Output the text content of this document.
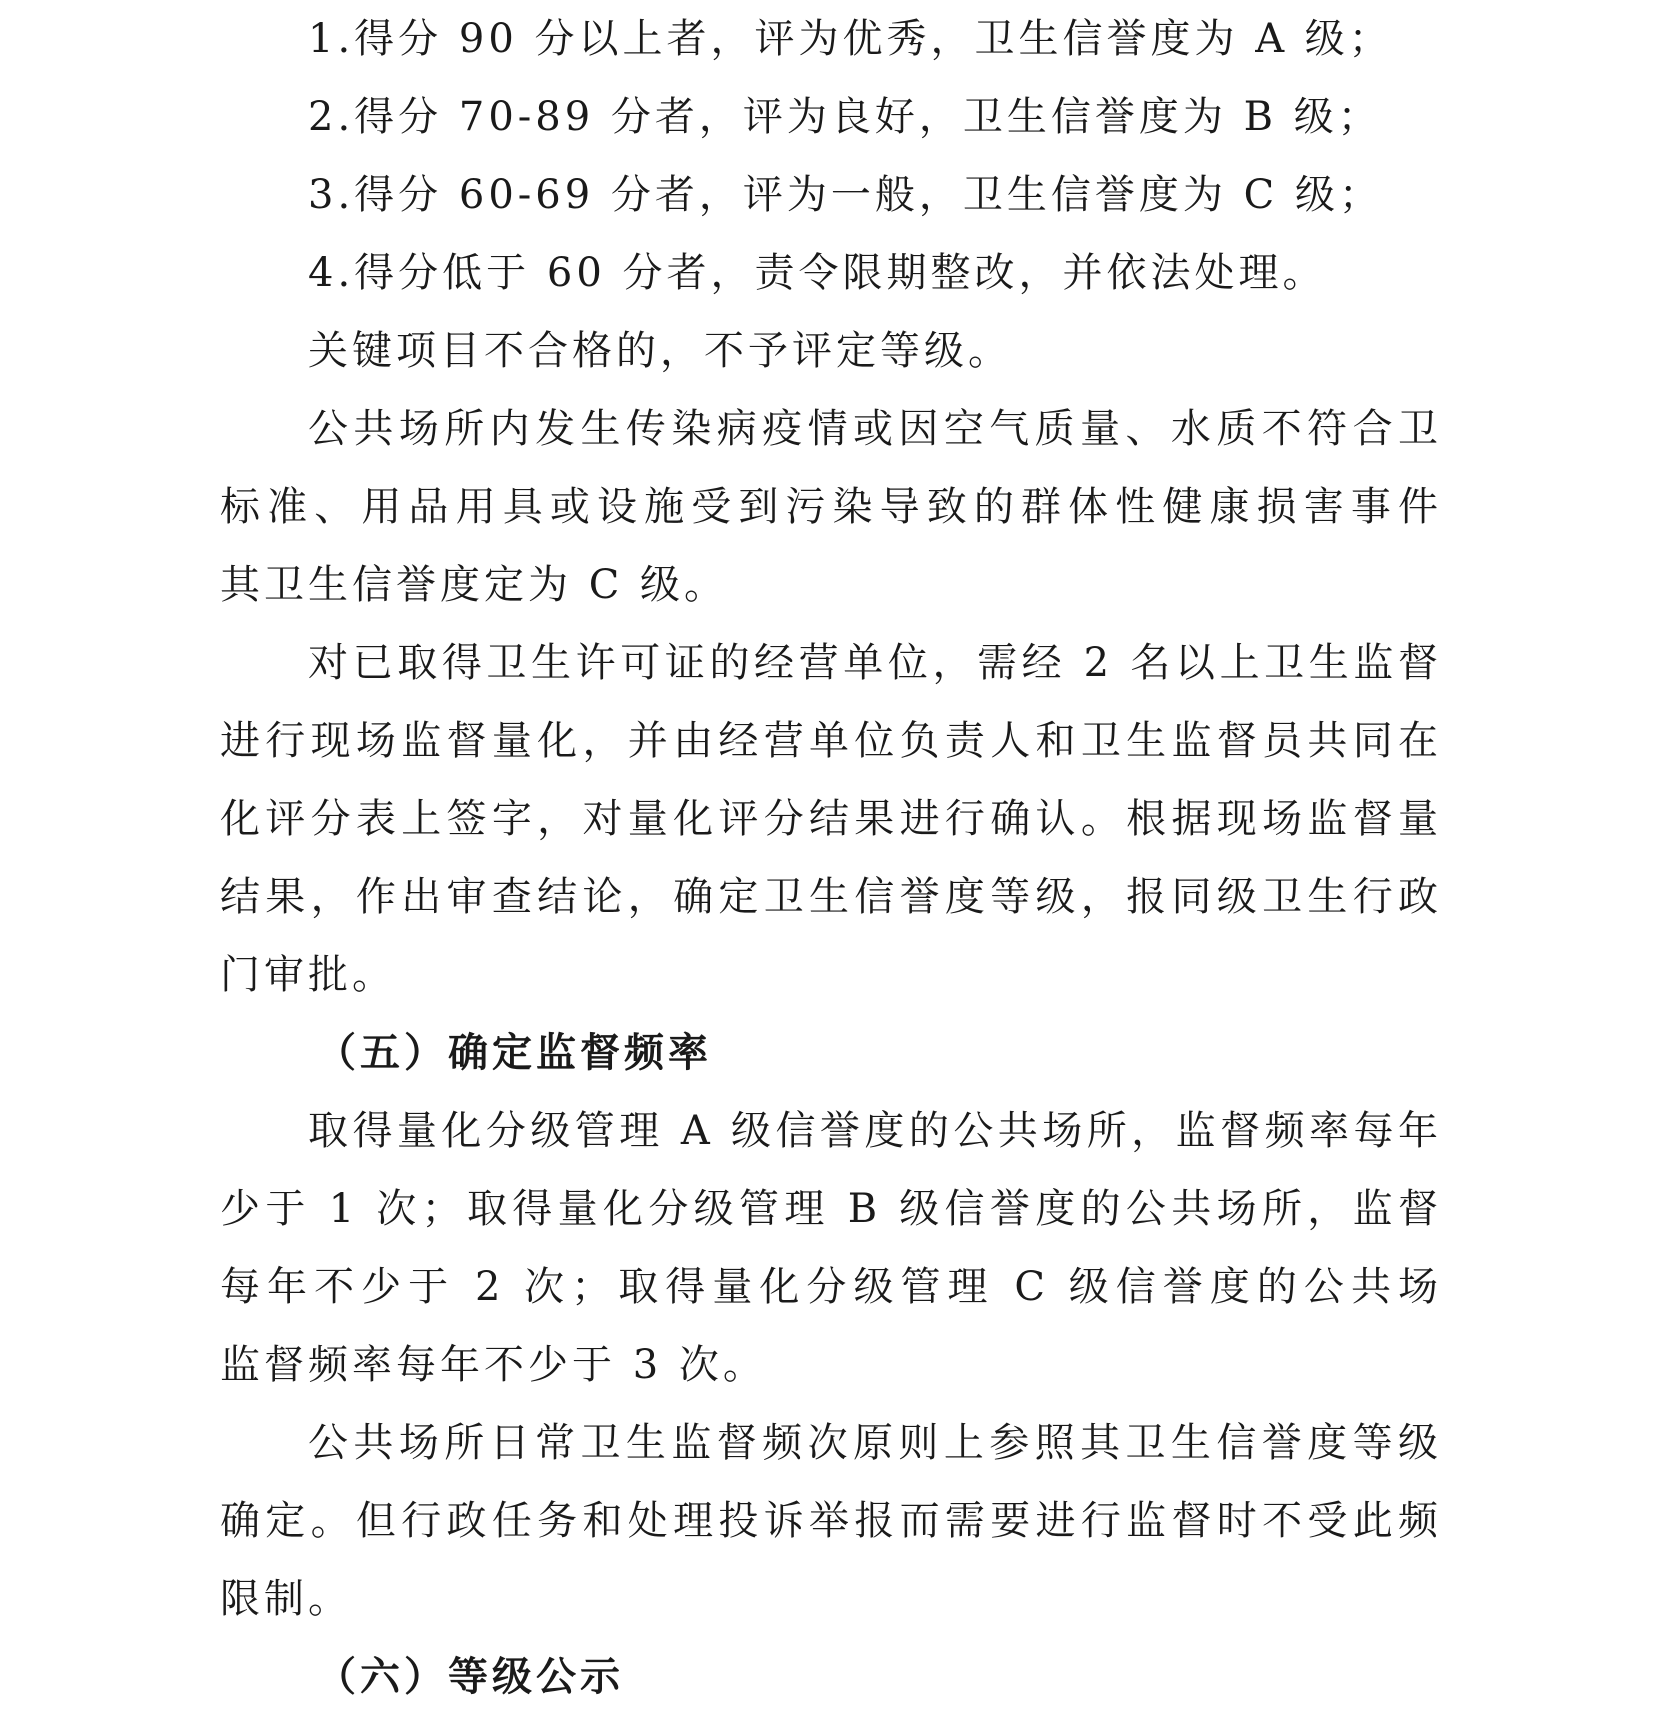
1.得分 90 分以上者，评为优秀，卫生信誉度为 A 级；
2.得分 70-89 分者，评为良好，卫生信誉度为 B 级；
3.得分 60-69 分者，评为一般，卫生信誉度为 C 级；
4.得分低于 60 分者，责令限期整改，并依法处理。
关键项目不合格的，不予评定等级。
公共场所内发生传染病疫情或因空气质量、水质不符合卫
标准、用品用具或设施受到污染导致的群体性健康损害事件
其卫生信誉度定为 C 级。
对已取得卫生许可证的经营单位，需经 2 名以上卫生监督
进行现场监督量化，并由经营单位负责人和卫生监督员共同在
化评分表上签字，对量化评分结果进行确认。根据现场监督量
结果，作出审查结论，确定卫生信誉度等级，报同级卫生行政
门审批。
（五）确定监督频率
取得量化分级管理 A 级信誉度的公共场所，监督频率每年
少于 1 次；取得量化分级管理 B 级信誉度的公共场所，监督
每年不少于 2 次；取得量化分级管理 C 级信誉度的公共场
监督频率每年不少于 3 次。
公共场所日常卫生监督频次原则上参照其卫生信誉度等级
确定。但行政任务和处理投诉举报而需要进行监督时不受此频
限制。
（六）等级公示
